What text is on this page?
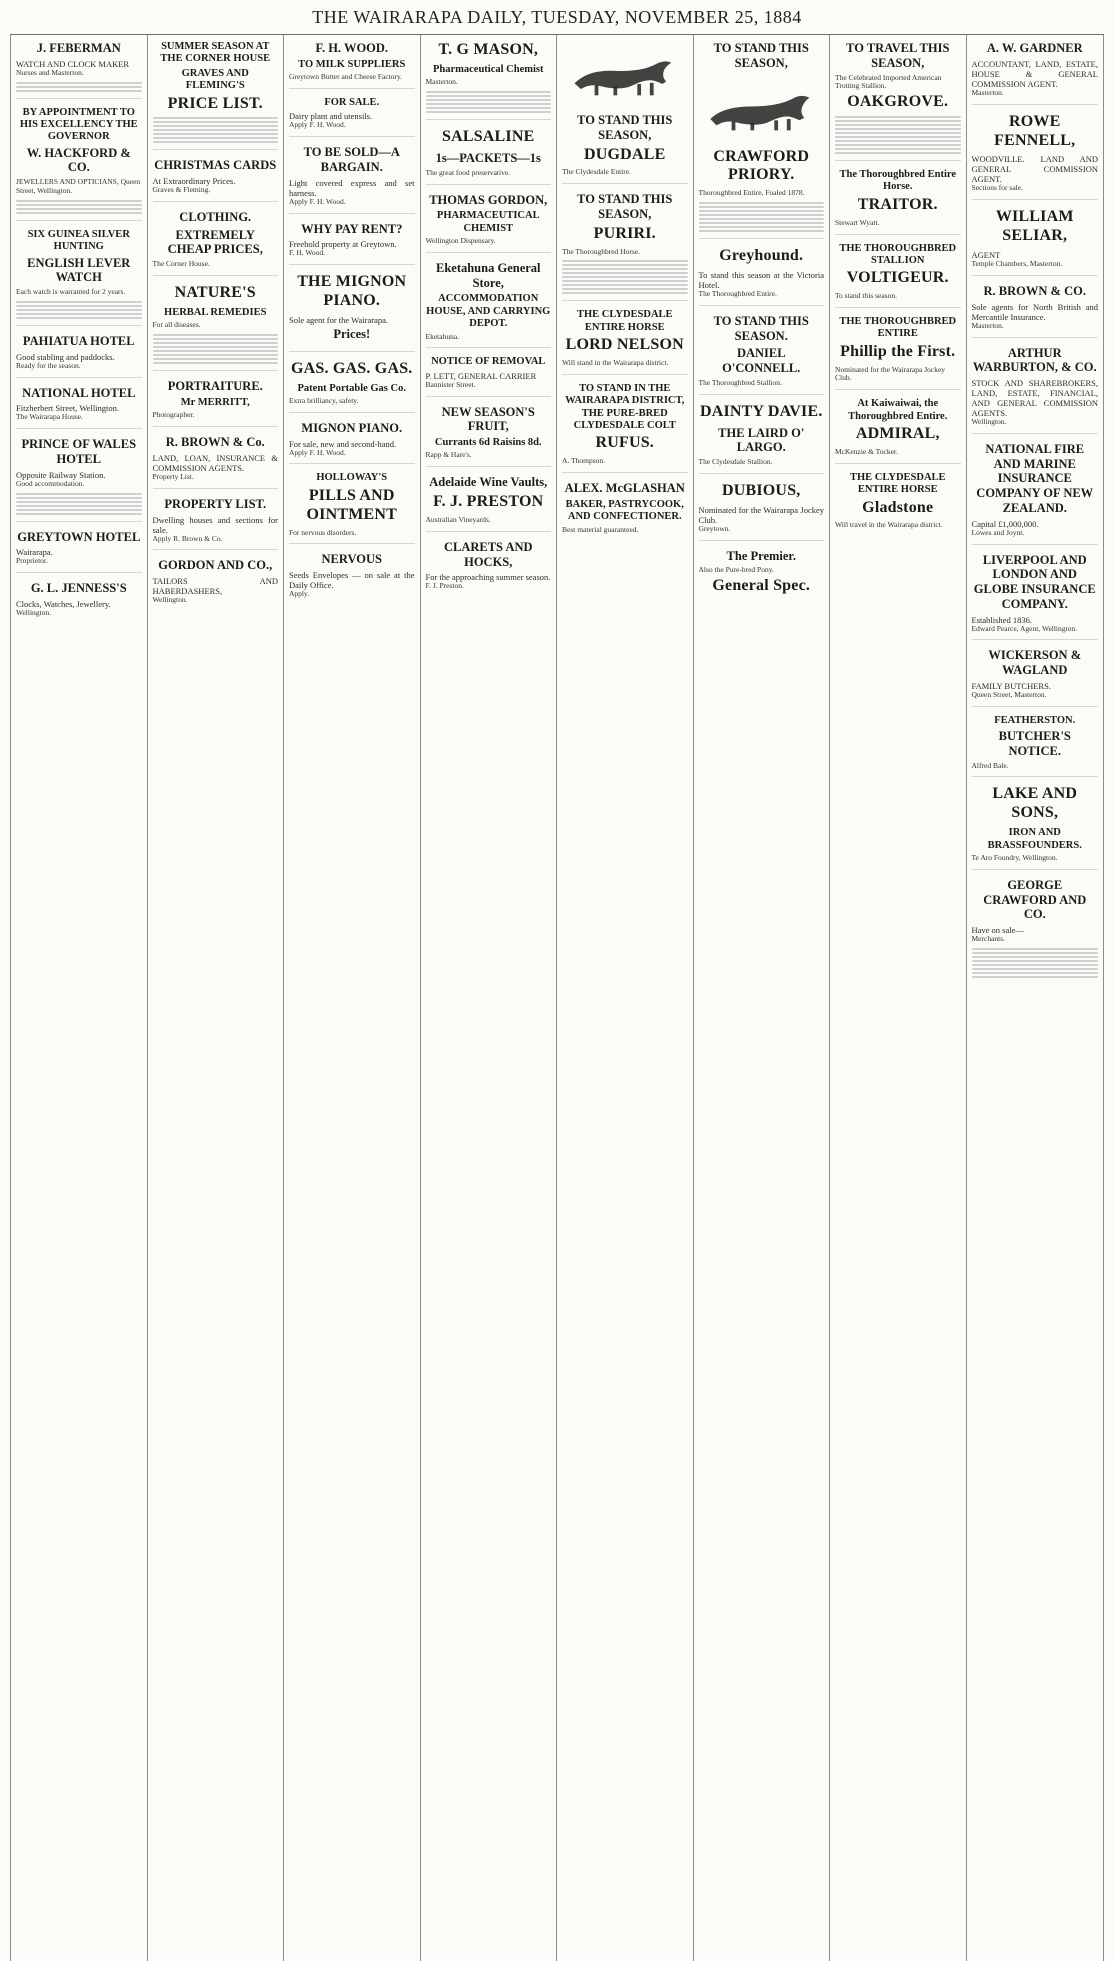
THE WAIRARAPA DAILY, TUESDAY, NOVEMBER 25, 1884
J. FEBERMAN
WATCH AND CLOCK MAKER
Nurses and Masterton.
BY APPOINTMENT TO HIS EXCELLENCY THE GOVERNOR
W. HACKFORD & CO.
JEWELLERS AND OPTICIANS, Queen Street, Wellington.
SIX GUINEA SILVER HUNTING
ENGLISH LEVER WATCH
Each watch is warranted for 2 years.
PAHIATUA HOTEL
Good stabling and paddocks.
Ready for the season.
NATIONAL HOTEL
Fitzherbert Street, Wellington.
The Wairarapa House.
PRINCE OF WALES HOTEL
Opposite Railway Station.
Good accommodation.
GREYTOWN HOTEL
Wairarapa.
Proprietor.
G. L. JENNESS'S
Clocks, Watches, Jewellery.
Wellington.
SUMMER SEASON AT THE CORNER HOUSE
GRAVES AND FLEMING'S
PRICE LIST.
CHRISTMAS CARDS
At Extraordinary Prices.
Graves & Fleming.
CLOTHING.
EXTREMELY CHEAP PRICES,
The Corner House.
NATURE'S
HERBAL REMEDIES
For all diseases.
PORTRAITURE.
Mr MERRITT,
Photographer.
R. BROWN & Co.
LAND, LOAN, INSURANCE & COMMISSION AGENTS.
Property List.
PROPERTY LIST.
Dwelling houses and sections for sale.
Apply R. Brown & Co.
GORDON AND CO.,
TAILORS AND HABERDASHERS,
Wellington.
F. H. WOOD.
TO MILK SUPPLIERS
Greytown Butter and Cheese Factory.
FOR SALE.
Dairy plant and utensils.
Apply F. H. Wood.
TO BE SOLD—A BARGAIN.
Light covered express and set harness.
Apply F. H. Wood.
WHY PAY RENT?
Freehold property at Greytown.
F. H. Wood.
THE MIGNON PIANO.
Sole agent for the Wairarapa.
Prices!
GAS. GAS. GAS.
Patent Portable Gas Co.
Extra brilliancy, safety.
MIGNON PIANO.
For sale, new and second-hand.
Apply F. H. Wood.
HOLLOWAY'S
PILLS AND OINTMENT
For nervous disorders.
NERVOUS
Seeds Envelopes — on sale at the Daily Office.
Apply.
T. G MASON,
Pharmaceutical Chemist
Masterton.
SALSALINE
1s—PACKETS—1s
The great food preservative.
THOMAS GORDON,
PHARMACEUTICAL CHEMIST
Wellington Dispensary.
Eketahuna General Store,
ACCOMMODATION HOUSE, AND CARRYING DEPOT.
Eketahuna.
NOTICE OF REMOVAL
P. LETT, GENERAL CARRIER
Bannister Street.
NEW SEASON'S FRUIT,
Currants 6d Raisins 8d.
Rapp & Hare's.
Adelaide Wine Vaults,
F. J. PRESTON
Australian Vineyards.
CLARETS AND HOCKS,
For the approaching summer season.
F. J. Preston.
TO STAND THIS SEASON,
DUGDALE
The Clydesdale Entire.
TO STAND THIS SEASON,
PURIRI.
The Thoroughbred Horse.
THE CLYDESDALE ENTIRE HORSE
LORD NELSON
Will stand in the Wairarapa district.
TO STAND IN THE WAIRARAPA DISTRICT, THE PURE-BRED CLYDESDALE COLT
RUFUS.
A. Thompson.
ALEX. McGLASHAN
BAKER, PASTRYCOOK, AND CONFECTIONER.
Best material guaranteed.
TO STAND THIS SEASON,
CRAWFORD PRIORY.
Thoroughbred Entire, Foaled 1878.
Greyhound.
To stand this season at the Victoria Hotel.
The Thoroughbred Entire.
TO STAND THIS SEASON.
DANIEL O'CONNELL.
The Thoroughbred Stallion.
DAINTY DAVIE.
THE LAIRD O' LARGO.
The Clydesdale Stallion.
DUBIOUS,
Nominated for the Wairarapa Jockey Club.
Greytown.
The Premier.
Also the Pure-bred Pony.
General Spec.
TO TRAVEL THIS SEASON,
The Celebrated Imported American Trotting Stallion.
OAKGROVE.
The Thoroughbred Entire Horse.
TRAITOR.
Stewart Wyatt.
THE THOROUGHBRED STALLION
VOLTIGEUR.
To stand this season.
THE THOROUGHBRED ENTIRE
Phillip the First.
Nominated for the Wairarapa Jockey Club.
At Kaiwaiwai, the Thoroughbred Entire.
ADMIRAL,
McKenzie & Tocker.
THE CLYDESDALE ENTIRE HORSE
Gladstone
Will travel in the Wairarapa district.
A. W. GARDNER
ACCOUNTANT, LAND, ESTATE, HOUSE & GENERAL COMMISSION AGENT.
Masterton.
ROWE FENNELL,
WOODVILLE. LAND AND GENERAL COMMISSION AGENT.
Sections for sale.
WILLIAM SELIAR,
AGENT
Temple Chambers, Masterton.
R. BROWN & CO.
Sole agents for North British and Mercantile Insurance.
Masterton.
ARTHUR WARBURTON, & CO.
STOCK AND SHAREBROKERS, LAND, ESTATE, FINANCIAL, AND GENERAL COMMISSION AGENTS.
Wellington.
NATIONAL FIRE AND MARINE INSURANCE COMPANY OF NEW ZEALAND.
Capital £1,000,000.
Lowes and Joynt.
LIVERPOOL AND LONDON AND GLOBE INSURANCE COMPANY.
Established 1836.
Edward Pearce, Agent, Wellington.
WICKERSON & WAGLAND
FAMILY BUTCHERS.
Queen Street, Masterton.
FEATHERSTON.
BUTCHER'S NOTICE.
Alfred Bale.
LAKE AND SONS,
IRON AND BRASSFOUNDERS.
Te Aro Foundry, Wellington.
GEORGE CRAWFORD AND CO.
Have on sale—
Merchants.
